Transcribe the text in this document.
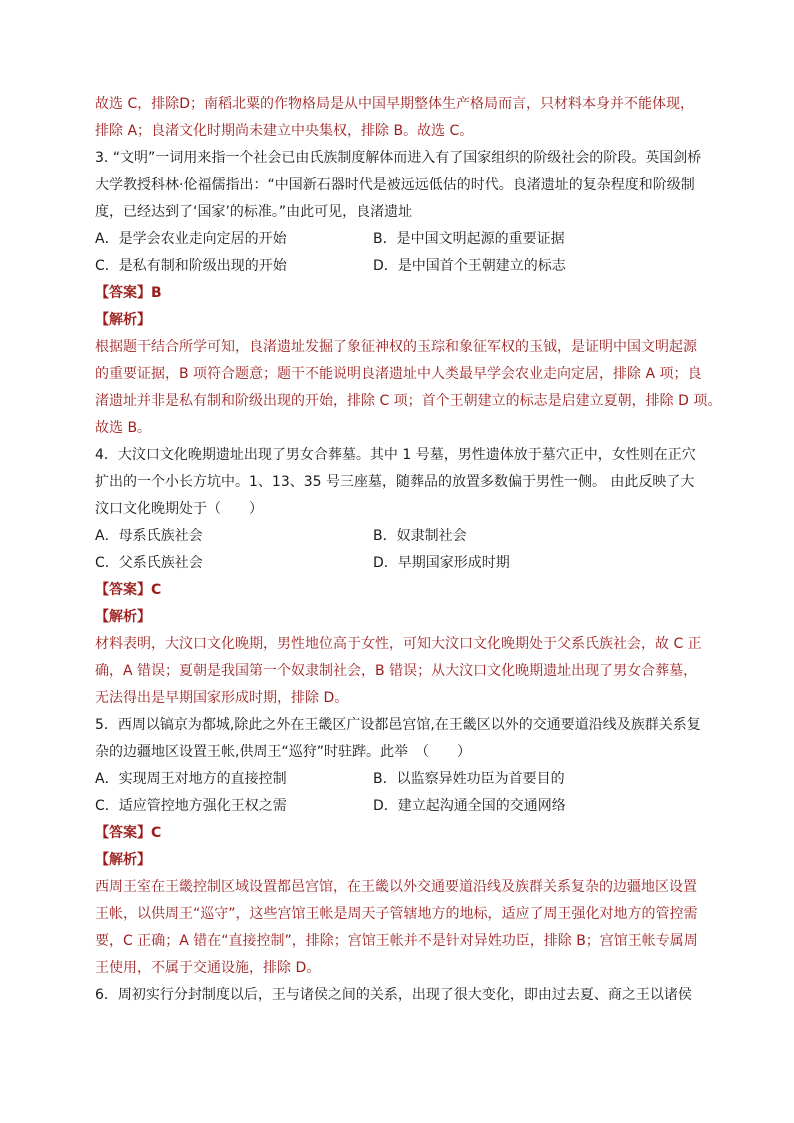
故选 C，排除D；南稻北粟的作物格局是从中国早期整体生产格局而言，只材料本身并不能体现，
排除 A；良渚文化时期尚未建立中央集权，排除 B。故选 C。
3. “文明”一词用来指一个社会已由氏族制度解体而进入有了国家组织的阶级社会的阶段。英国剑桥
大学教授科林·伦福儒指出：“中国新石器时代是被远远低估的时代。良渚遗址的复杂程度和阶级制
度，已经达到了‘国家’的标准。”由此可见，良渚遗址
A．是学会农业走向定居的开始	B．是中国文明起源的重要证据
C．是私有制和阶级出现的开始	D．是中国首个王朝建立的标志
【答案】B
【解析】
根据题干结合所学可知，良渚遗址发掘了象征神权的玉琮和象征军权的玉钺，是证明中国文明起源
的重要证据，B 项符合题意；题干不能说明良渚遗址中人类最早学会农业走向定居，排除 A 项；良
渚遗址并非是私有制和阶级出现的开始，排除 C 项；首个王朝建立的标志是启建立夏朝，排除 D 项。
故选 B。
4．大汶口文化晚期遗址出现了男女合葬墓。其中 1 号墓，男性遗体放于墓穴正中，女性则在正穴
扩出的一个小长方坑中。1、13、35 号三座墓，随葬品的放置多数偏于男性一侧。 由此反映了大
汶口文化晚期处于（　　）
A．母系氏族社会	B．奴隶制社会
C．父系氏族社会	D．早期国家形成时期
【答案】C
【解析】
材料表明，大汶口文化晚期，男性地位高于女性，可知大汶口文化晚期处于父系氏族社会，故 C 正
确，A 错误；夏朝是我国第一个奴隶制社会，B 错误；从大汶口文化晚期遗址出现了男女合葬墓，
无法得出是早期国家形成时期，排除 D。
5．西周以镐京为都城,除此之外在王畿区广设都邑宫馆,在王畿区以外的交通要道沿线及族群关系复
杂的边疆地区设置王帐,供周王“巡狩”时驻跸。此举　（　　）
A．实现周王对地方的直接控制	B．以监察异姓功臣为首要目的
C．适应管控地方强化王权之需	D．建立起沟通全国的交通网络
【答案】C
【解析】
西周王室在王畿控制区域设置都邑宫馆，在王畿以外交通要道沿线及族群关系复杂的边疆地区设置
王帐，以供周王“巡守”，这些宫馆王帐是周天子管辖地方的地标，适应了周王强化对地方的管控需
要，C 正确；A 错在“直接控制”，排除；宫馆王帐并不是针对异姓功臣，排除 B；宫馆王帐专属周
王使用，不属于交通设施，排除 D。
6．周初实行分封制度以后，王与诸侯之间的关系，出现了很大变化，即由过去夏、商之王以诸侯
